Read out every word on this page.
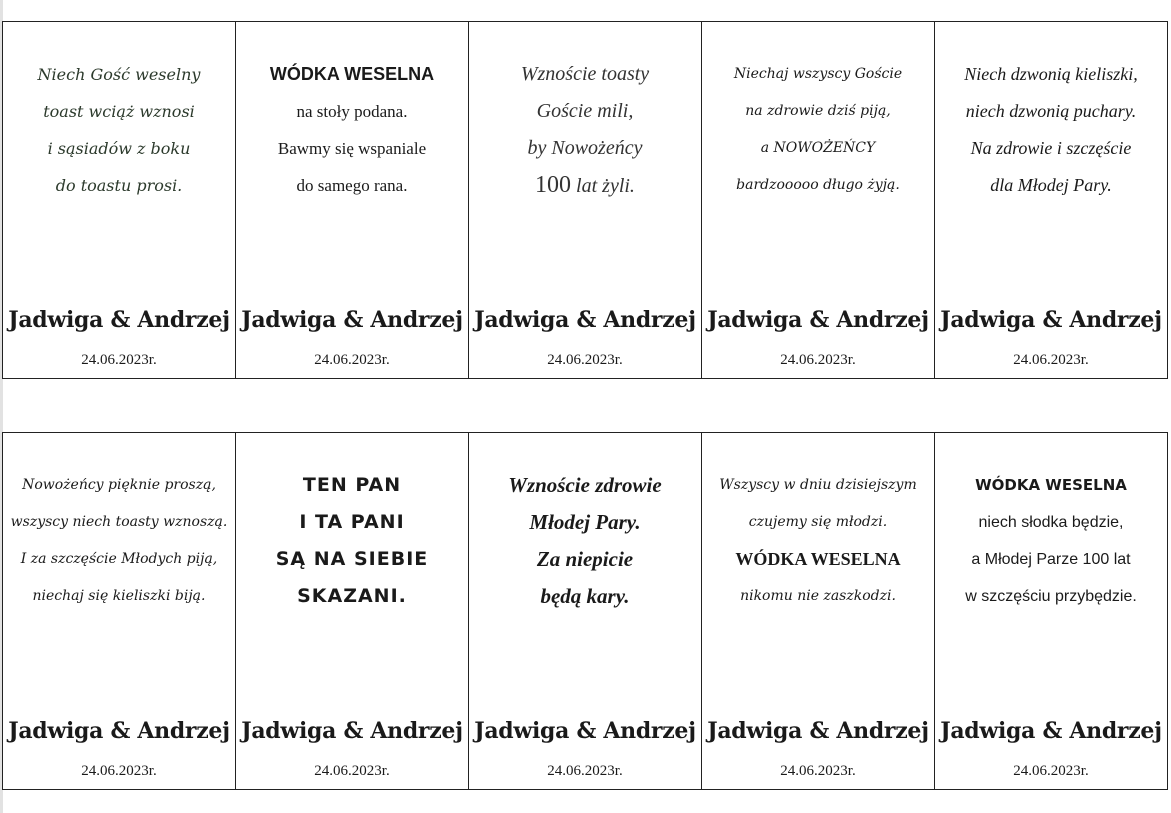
Niech Gość weselny
toast wciąż wznosi
i sąsiadów z boku
do toastu prosi.
Jadwiga & Andrzej
24.06.2023r.
WÓDKA WESELNA
na stoły podana.
Bawmy się wspaniale
do samego rana.
Jadwiga & Andrzej
24.06.2023r.
Wznoście toasty
Goście mili,
by Nowożeńcy
100 lat żyli.
Jadwiga & Andrzej
24.06.2023r.
Niechaj wszyscy Goście
na zdrowie dziś piją,
a NOWOŻEŃCY
bardzooooo długo żyją.
Jadwiga & Andrzej
24.06.2023r.
Niech dzwonią kieliszki,
niech dzwonią puchary.
Na zdrowie i szczęście
dla Młodej Pary.
Jadwiga & Andrzej
24.06.2023r.
Nowożeńcy pięknie proszą,
wszyscy niech toasty wznoszą.
I za szczęście Młodych piją,
niechaj się kieliszki biją.
Jadwiga & Andrzej
24.06.2023r.
TEN PAN
I TA PANI
SĄ NA SIEBIE
SKAZANI.
Jadwiga & Andrzej
24.06.2023r.
Wznoście zdrowie
Młodej Pary.
Za niepicie
będą kary.
Jadwiga & Andrzej
24.06.2023r.
Wszyscy w dniu dzisiejszym
czujemy się młodzi.
WÓDKA WESELNA
nikomu nie zaszkodzi.
Jadwiga & Andrzej
24.06.2023r.
WÓDKA WESELNA
niech słodka będzie,
a Młodej Parze 100 lat
w szczęściu przybędzie.
Jadwiga & Andrzej
24.06.2023r.
